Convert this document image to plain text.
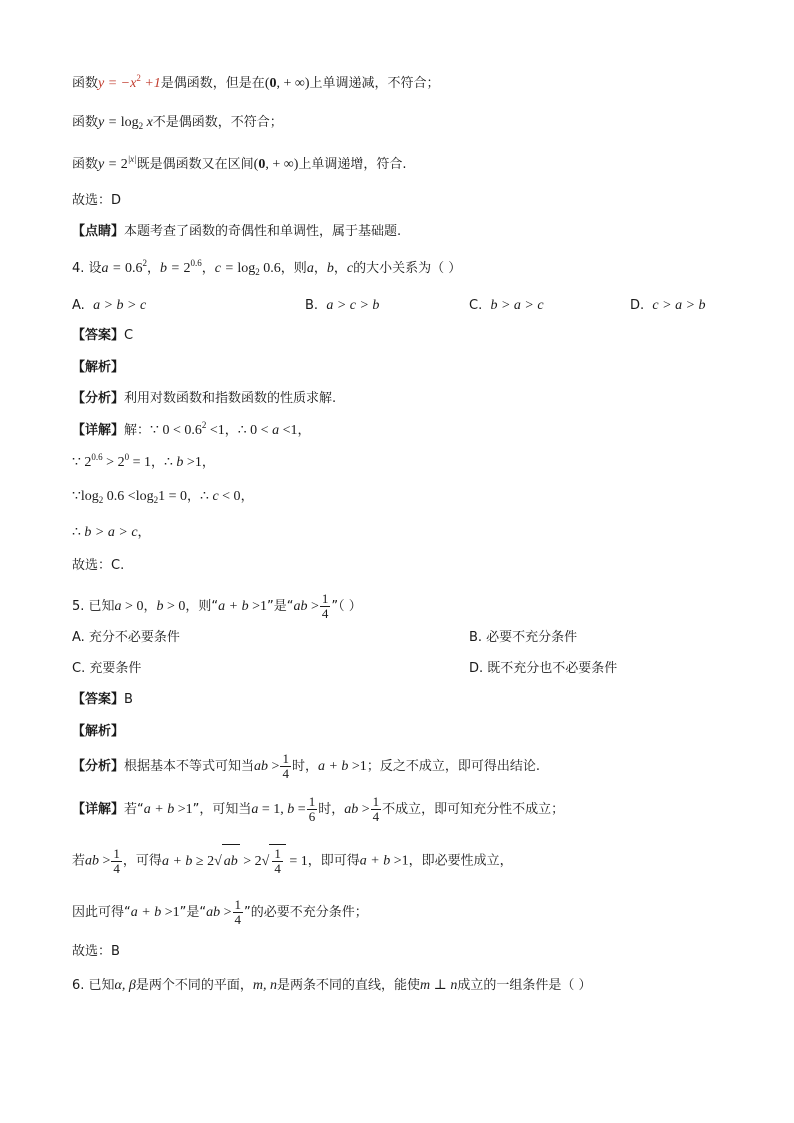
函数$y = -x^2 +1$是偶函数，但是在(0, + ∞)上单调递减，不符合；
函数$y = \log_2 x$不是偶函数，不符合；
函数$y = 2^{|x|}$既是偶函数又在区间(0, + ∞)上单调递增，符合.
故选：D
【点睛】本题考查了函数的奇偶性和单调性，属于基础题.
4. 设$a = 0.6^2$，$b = 2^{0.6}$，$c = \log_2 0.6$，则a，b，c的大小关系为（ ）
A. a > b > c	B. a > c > b	C. b > a > c	D. c > a > b
【答案】C
【解析】
【分析】利用对数函数和指数函数的性质求解.
【详解】解：∵ $0 < 0.6^2 <1$，∴ 0 < a <1，
∵ $2^{0.6} > 2^0 = 1$，∴ b >1，
$\because\log_2$ $0.6 <\log_21 = 0$，∴ c < 0，
∴ b > a > c，
故选：C.
5. 已知a > 0，b > 0，则“a + b >1”是“ab > $\frac{1}{4}$ ”（ ）
A. 充分不必要条件	B. 必要不充分条件
C. 充要条件	D. 既不充分也不必要条件
【答案】B
【解析】
【分析】根据基本不等式可知当ab > $\frac{1}{4}$ 时，a + b >1；反之不成立，即可得出结论.
【详解】若“a + b >1”，可知当a = 1, $b = \frac{1}{6}$ 时，ab > $\frac{1}{4}$ 不成立，即可知充分性不成立；
若ab > $\frac{1}{4}$ ，可得a + b ≥ 2√ ab > $2√ \frac{1}{4} = 1$，即可得a + b >1，即必要性成立，
因此可得“a + b >1”是“ab > $\frac{1}{4}$ ”的必要不充分条件；
故选：B
6. 已知α, β是两个不同的平面，m, n是两条不同的直线，能使m ⊥ n成立的一组条件是（ ）
